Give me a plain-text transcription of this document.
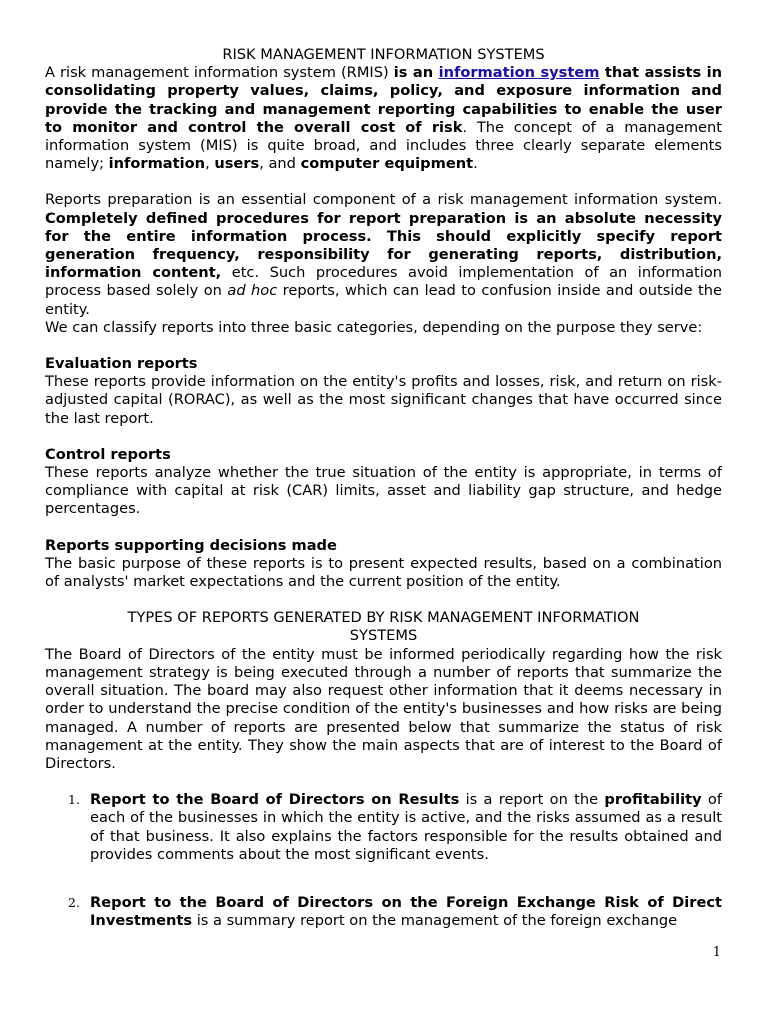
RISK MANAGEMENT INFORMATION SYSTEMS

A risk management information system (RMIS) is an information system that assists in consolidating property values, claims, policy, and exposure information and provide the tracking and management reporting capabilities to enable the user to monitor and control the overall cost of risk. The concept of a management information system (MIS) is quite broad, and includes three clearly separate elements namely; information, users, and computer equipment.

Reports preparation is an essential component of a risk management information system. Completely defined procedures for report preparation is an absolute necessity for the entire information process. This should explicitly specify report generation frequency, responsibility for generating reports, distribution, information content, etc. Such procedures avoid implementation of an information process based solely on ad hoc reports, which can lead to confusion inside and outside the entity.

We can classify reports into three basic categories, depending on the purpose they serve:

Evaluation reports

These reports provide information on the entity's profits and losses, risk, and return on risk-adjusted capital (RORAC), as well as the most significant changes that have occurred since the last report.

Control reports

These reports analyze whether the true situation of the entity is appropriate, in terms of compliance with capital at risk (CAR) limits, asset and liability gap structure, and hedge percentages.

Reports supporting decisions made

The basic purpose of these reports is to present expected results, based on a combination of analysts' market expectations and the current position of the entity.

TYPES OF REPORTS GENERATED BY RISK MANAGEMENT INFORMATION
SYSTEMS

The Board of Directors of the entity must be informed periodically regarding how the risk management strategy is being executed through a number of reports that summarize the overall situation. The board may also request other information that it deems necessary in order to understand the precise condition of the entity's businesses and how risks are being managed. A number of reports are presented below that summarize the status of risk management at the entity. They show the main aspects that are of interest to the Board of Directors.

1. Report to the Board of Directors on Results is a report on the profitability of each of the businesses in which the entity is active, and the risks assumed as a result of that business. It also explains the factors responsible for the results obtained and provides comments about the most significant events.
2. Report to the Board of Directors on the Foreign Exchange Risk of Direct Investments is a summary report on the management of the foreign exchange
1
